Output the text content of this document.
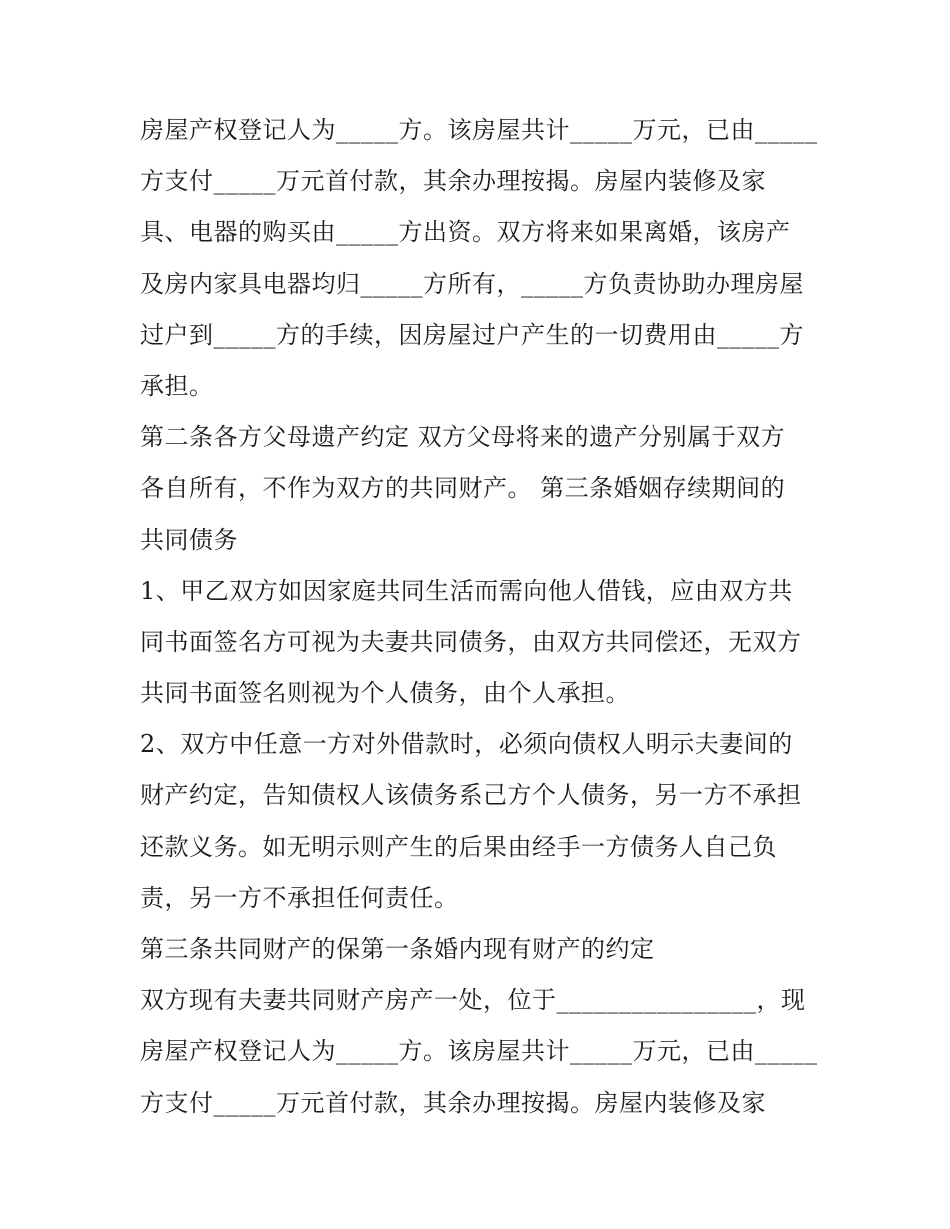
房屋产权登记人为_____方。该房屋共计_____万元，已由_____
方支付_____万元首付款，其余办理按揭。房屋内装修及家
具、电器的购买由_____方出资。双方将来如果离婚，该房产
及房内家具电器均归_____方所有，_____方负责协助办理房屋
过户到_____方的手续，因房屋过户产生的一切费用由_____方
承担。
第二条各方父母遗产约定 双方父母将来的遗产分别属于双方
各自所有，不作为双方的共同财产。 第三条婚姻存续期间的
共同债务
1、甲乙双方如因家庭共同生活而需向他人借钱，应由双方共
同书面签名方可视为夫妻共同债务，由双方共同偿还，无双方
共同书面签名则视为个人债务，由个人承担。
2、双方中任意一方对外借款时，必须向债权人明示夫妻间的
财产约定，告知债权人该债务系己方个人债务，另一方不承担
还款义务。如无明示则产生的后果由经手一方债务人自己负
责，另一方不承担任何责任。
第三条共同财产的保第一条婚内现有财产的约定
双方现有夫妻共同财产房产一处，位于________________，现
房屋产权登记人为_____方。该房屋共计_____万元，已由_____
方支付_____万元首付款，其余办理按揭。房屋内装修及家
